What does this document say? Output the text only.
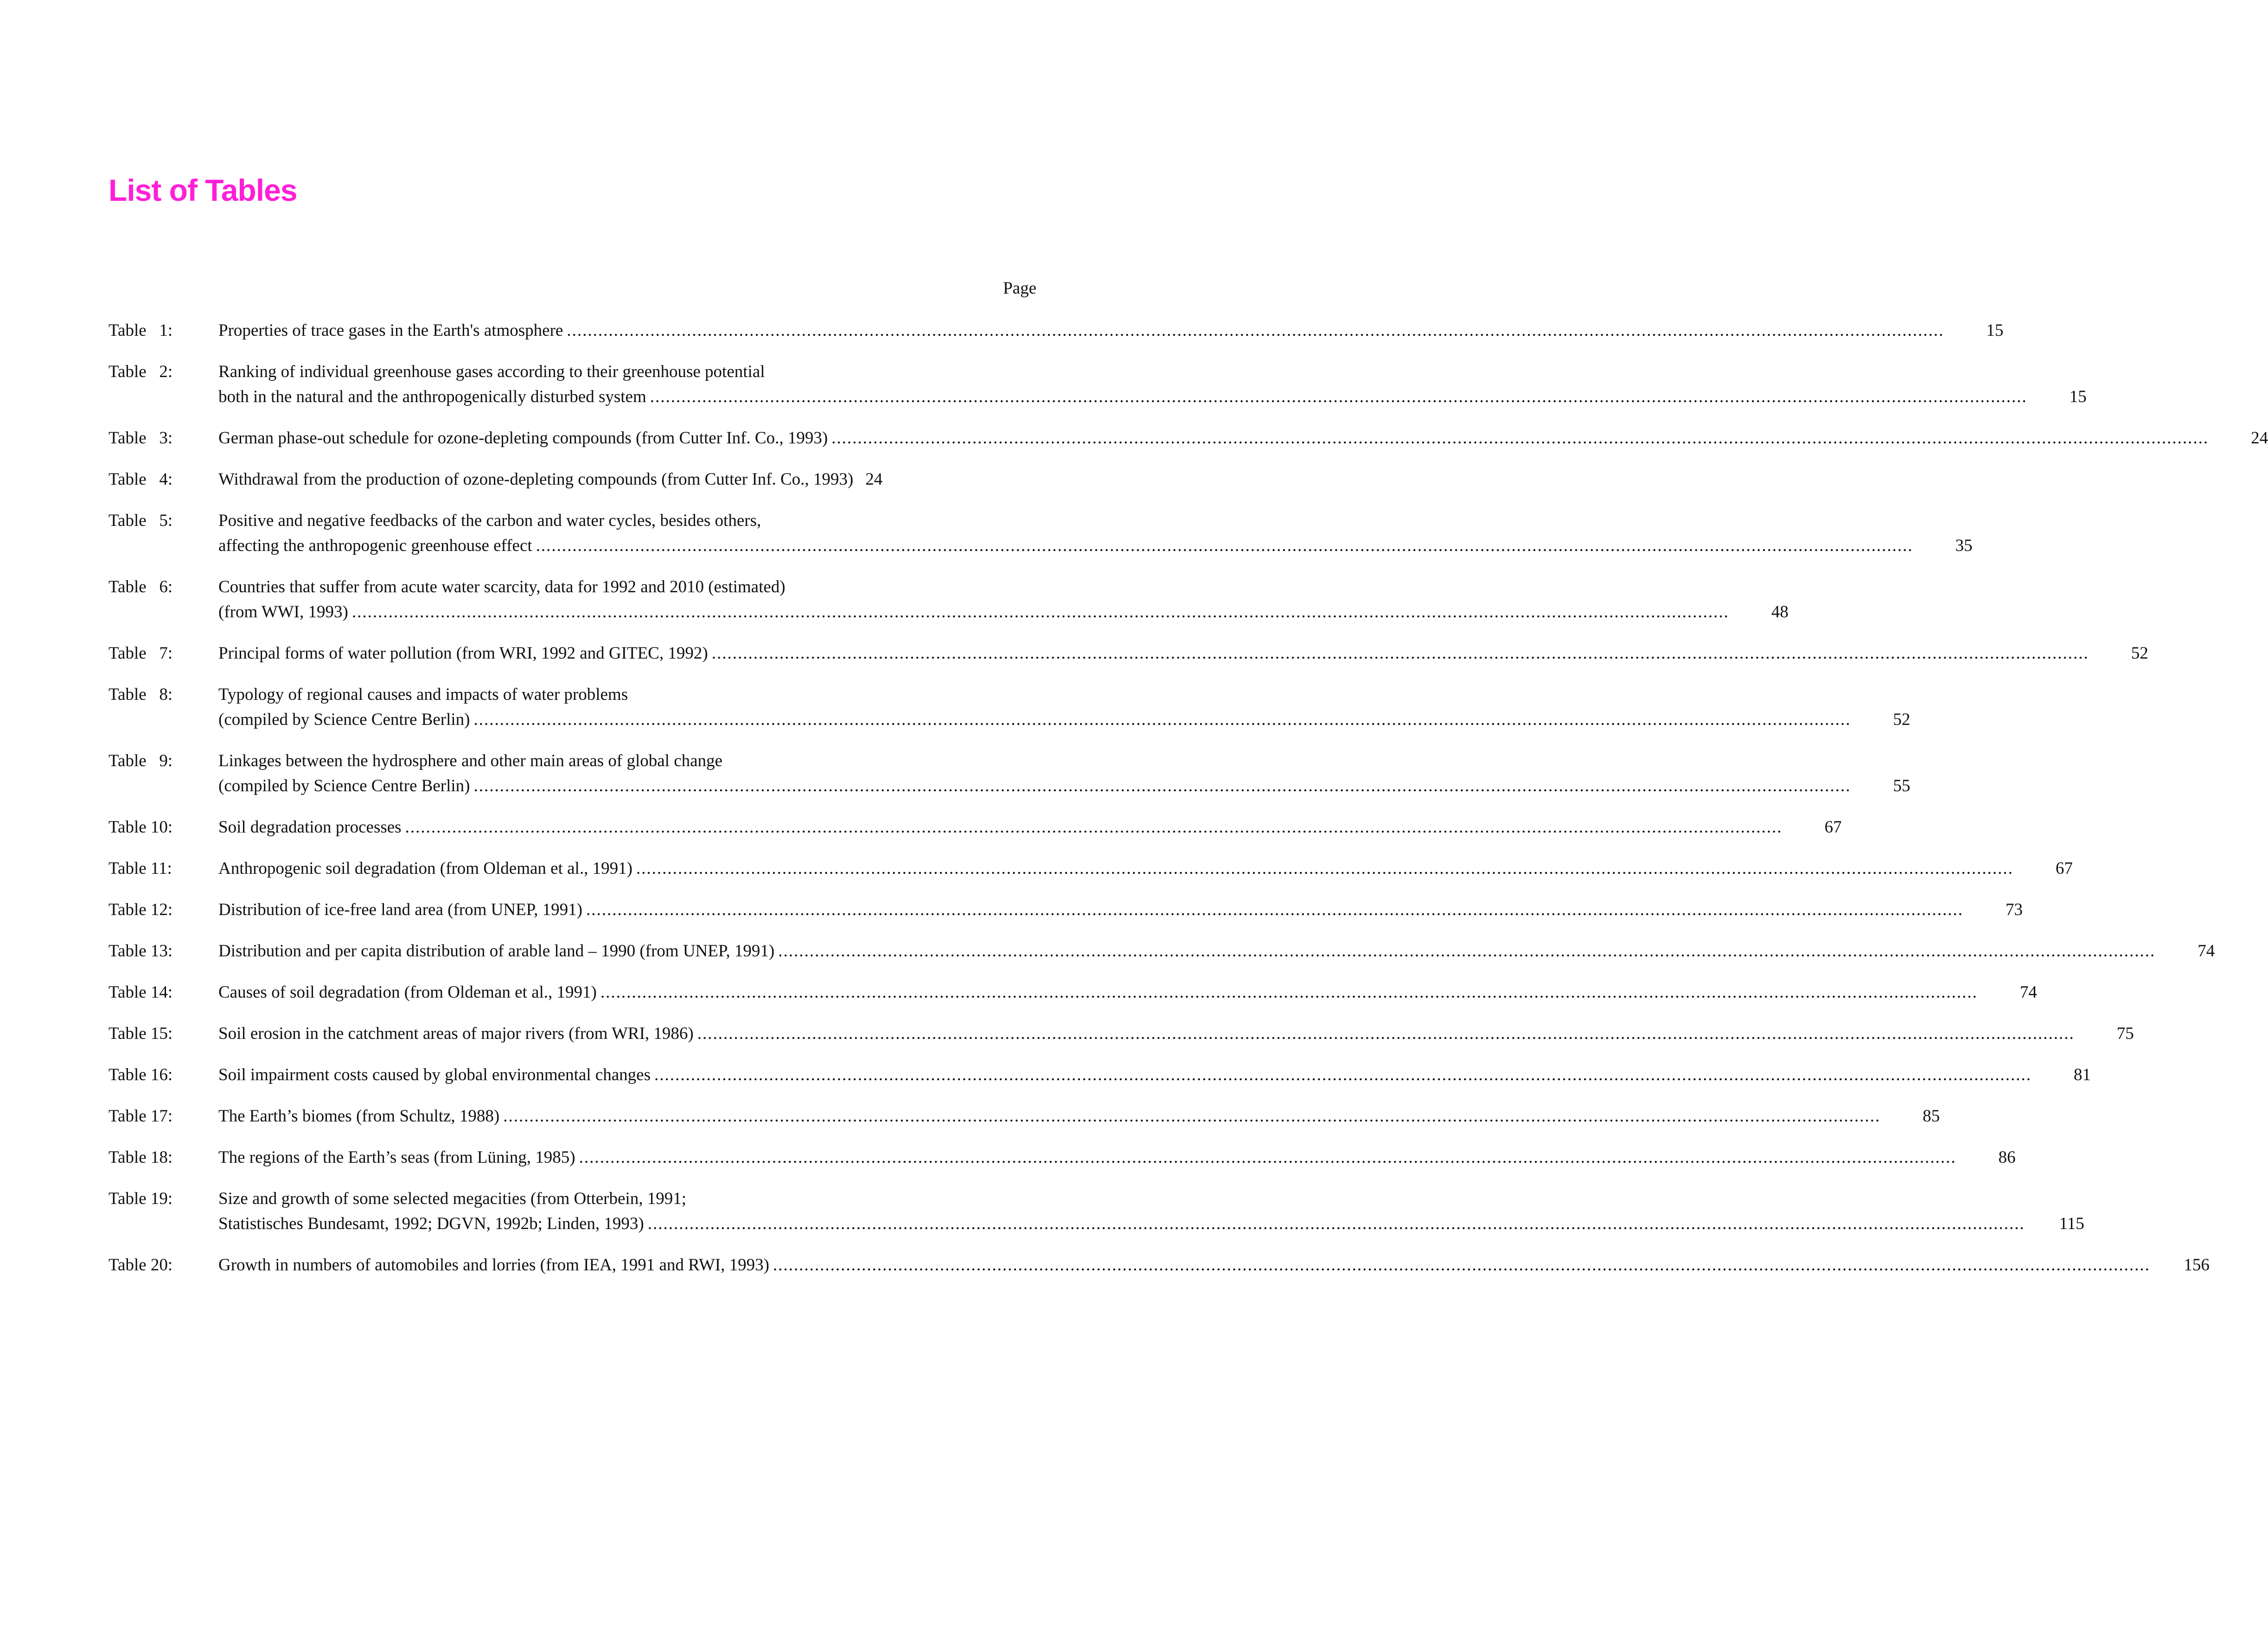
List of Tables
Page
Table   1:	Properties of trace gases in the Earth's atmosphere .....	15
Table   2:	Ranking of individual greenhouse gases according to their greenhouse potential
both in the natural and the anthropogenically disturbed system .....	15
Table   3:	German phase-out schedule for ozone-depleting compounds (from Cutter Inf. Co., 1993) .....	24
Table   4:	Withdrawal from the production of ozone-depleting compounds (from Cutter Inf. Co., 1993) 24
Table   5:	Positive and negative feedbacks of the carbon and water cycles, besides others,
affecting the anthropogenic greenhouse effect .....	35
Table   6:	Countries that suffer from acute water scarcity, data for 1992 and 2010 (estimated)
(from WWI, 1993) .....	48
Table   7:	Principal forms of water pollution (from WRI, 1992 and GITEC, 1992) .....	52
Table   8:	Typology of regional causes and impacts of water problems
(compiled by Science Centre Berlin) .....	52
Table   9:	Linkages between the hydrosphere and other main areas of global change
(compiled by Science Centre Berlin) .....	55
Table 10:	Soil degradation processes .....	67
Table 11:	Anthropogenic soil degradation (from Oldeman et al., 1991) .....	67
Table 12:	Distribution of ice-free land area (from UNEP, 1991) .....	73
Table 13:	Distribution and per capita distribution of arable land – 1990 (from UNEP, 1991) .....	74
Table 14:	Causes of soil degradation (from Oldeman et al., 1991) .....	74
Table 15:	Soil erosion in the catchment areas of major rivers (from WRI, 1986) .....	75
Table 16:	Soil impairment costs caused by global environmental changes .....	81
Table 17:	The Earth’s biomes (from Schultz, 1988) .....	85
Table 18:	The regions of the Earth’s seas (from Lüning, 1985) .....	86
Table 19:	Size and growth of some selected megacities (from Otterbein, 1991;
Statistisches Bundesamt, 1992; DGVN, 1992b; Linden, 1993) .....	115
Table 20:	Growth in numbers of automobiles and lorries (from IEA, 1991 and RWI, 1993) .....	156
